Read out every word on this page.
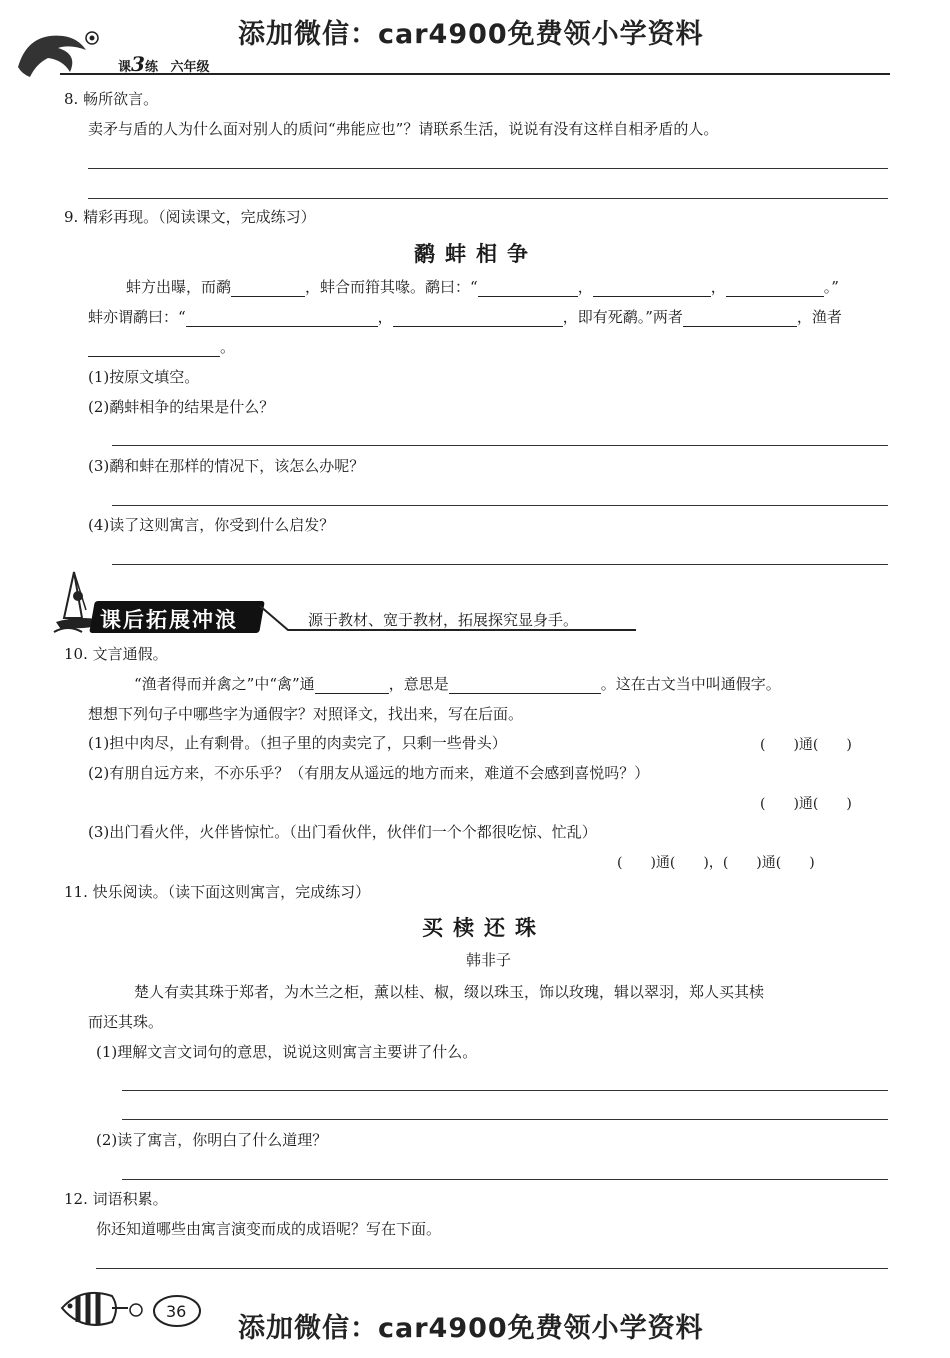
课3练 六年级
添加微信：car4900免费领小学资料
8. 畅所欲言。
卖矛与盾的人为什么面对别人的质问“弗能应也”？请联系生活，说说有没有这样自相矛盾的人。
9. 精彩再现。（阅读课文，完成练习）
鹬蚌相争
蚌方出曝，而鹬	，蚌合而箝其喙。鹬曰：“	，	，	。”
蚌亦谓鹬曰：“	，	，即有死鹬。”两者	，渔者
。
(1)按原文填空。
(2)鹬蚌相争的结果是什么？
(3)鹬和蚌在那样的情况下，该怎么办呢？
(4)读了这则寓言，你受到什么启发？
课后拓展冲浪	源于教材、宽于教材，拓展探究显身手。
10. 文言通假。
“渔者得而并禽之”中“禽”通	，意思是	。这在古文当中叫通假字。
想想下列句子中哪些字为通假字？对照译文，找出来，写在后面。
(1)担中肉尽，止有剩骨。（担子里的肉卖完了，只剩一些骨头）	(　　)通(　　)
(2)有朋自远方来，不亦乐乎？（有朋友从遥远的地方而来，难道不会感到喜悦吗？）
(　　)通(　　)
(3)出门看火伴，火伴皆惊忙。（出门看伙伴，伙伴们一个个都很吃惊、忙乱）
(　　)通(　　)，(　　)通(　　)
11. 快乐阅读。（读下面这则寓言，完成练习）
买椟还珠
韩非子
楚人有卖其珠于郑者，为木兰之柜，薰以桂、椒，缀以珠玉，饰以玫瑰，辑以翠羽，郑人买其椟
而还其珠。
(1)理解文言文词句的意思，说说这则寓言主要讲了什么。
(2)读了寓言，你明白了什么道理？
12. 词语积累。
你还知道哪些由寓言演变而成的成语呢？写在下面。
36
添加微信：car4900免费领小学资料
